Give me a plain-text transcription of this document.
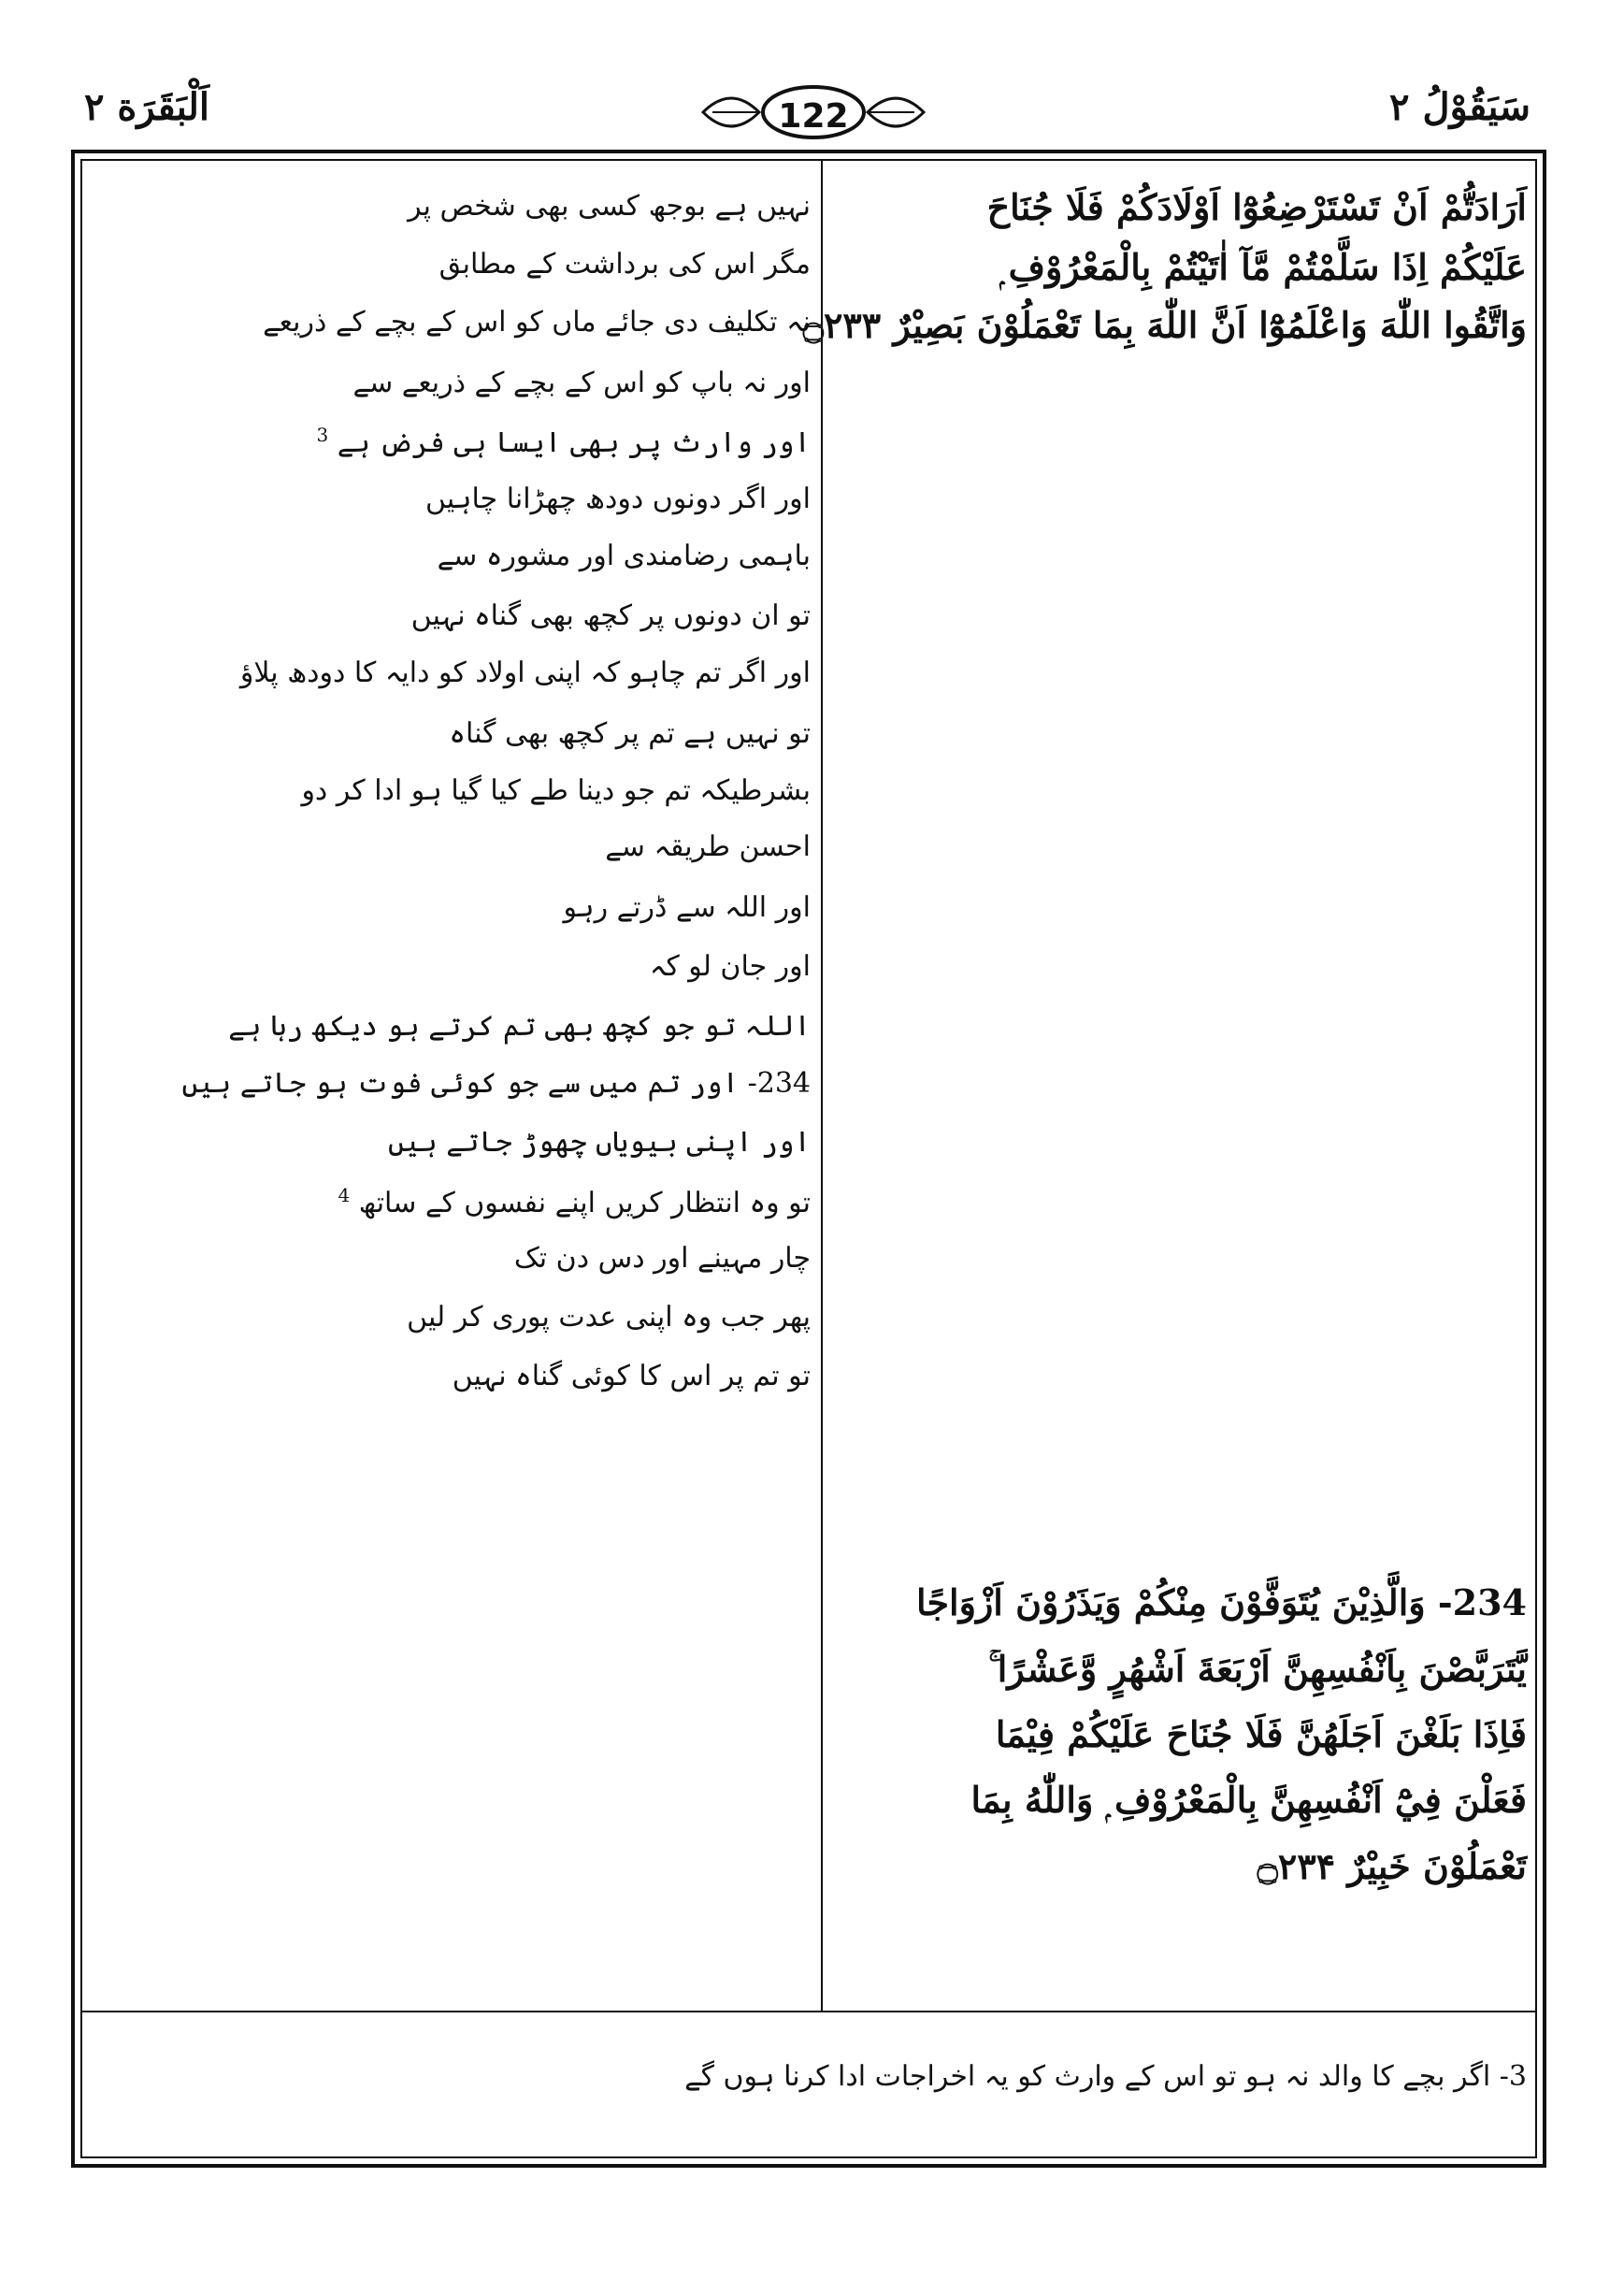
سَيَقُوْلُ ۲
اَلْبَقَرَة ۲	122
اَرَادَتُّمْ اَنْ تَسْتَرْضِعُوْٓا اَوْلَادَكُمْ فَلَا جُنَاحَ
عَلَيْكُمْ اِذَا سَلَّمْتُمْ مَّآ اٰتَيْتُمْ بِالْمَعْرُوْفِ ۭ
وَاتَّقُوا اللّٰهَ وَاعْلَمُوْٓا اَنَّ اللّٰهَ بِمَا تَعْمَلُوْنَ بَصِيْرٌ ۝۲۳۳
234- وَالَّذِيْنَ يُتَوَفَّوْنَ مِنْكُمْ وَيَذَرُوْنَ اَزْوَاجًا
يَّتَرَبَّصْنَ بِاَنْفُسِهِنَّ اَرْبَعَةَ اَشْهُرٍ وَّعَشْرًا ۚ
فَاِذَا بَلَغْنَ اَجَلَهُنَّ فَلَا جُنَاحَ عَلَيْكُمْ فِيْمَا
فَعَلْنَ فِيْٓ اَنْفُسِهِنَّ بِالْمَعْرُوْفِ ۭ وَاللّٰهُ بِمَا
تَعْمَلُوْنَ خَبِيْرٌ ۝۲۳۴
نہیں ہے بوجھ کسی بھی شخص پر
مگر اس کی برداشت کے مطابق
نہ تکلیف دی جائے ماں کو اس کے بچے کے ذریعے
اور نہ باپ کو اس کے بچے کے ذریعے سے
اور وارث پر بھی ایسا ہی فرض ہے $^3$
اور اگر دونوں دودھ چھڑانا چاہیں
باہمی رضامندی اور مشورہ سے
تو ان دونوں پر کچھ بھی گناہ نہیں
اور اگر تم چاہو کہ اپنی اولاد کو دایہ کا دودھ پلاؤ
تو نہیں ہے تم پر کچھ بھی گناہ
بشرطیکہ تم جو دینا طے کیا گیا ہو ادا کر دو
احسن طریقہ سے
اور اللہ سے ڈرتے رہو
اور جان لو کہ
اللہ تو جو کچھ بھی تم کرتے ہو دیکھ رہا ہے
234- اور تم میں سے جو کوئی فوت ہو جاتے ہیں
اور اپنی بیویاں چھوڑ جاتے ہیں
تو وہ انتظار کریں اپنے نفسوں کے ساتھ $^4$
چار مہینے اور دس دن تک
پھر جب وہ اپنی عدت پوری کر لیں
تو تم پر اس کا کوئی گناہ نہیں
3- اگر بچے کا والد نہ ہو تو اس کے وارث کو یہ اخراجات ادا کرنا ہوں گے
